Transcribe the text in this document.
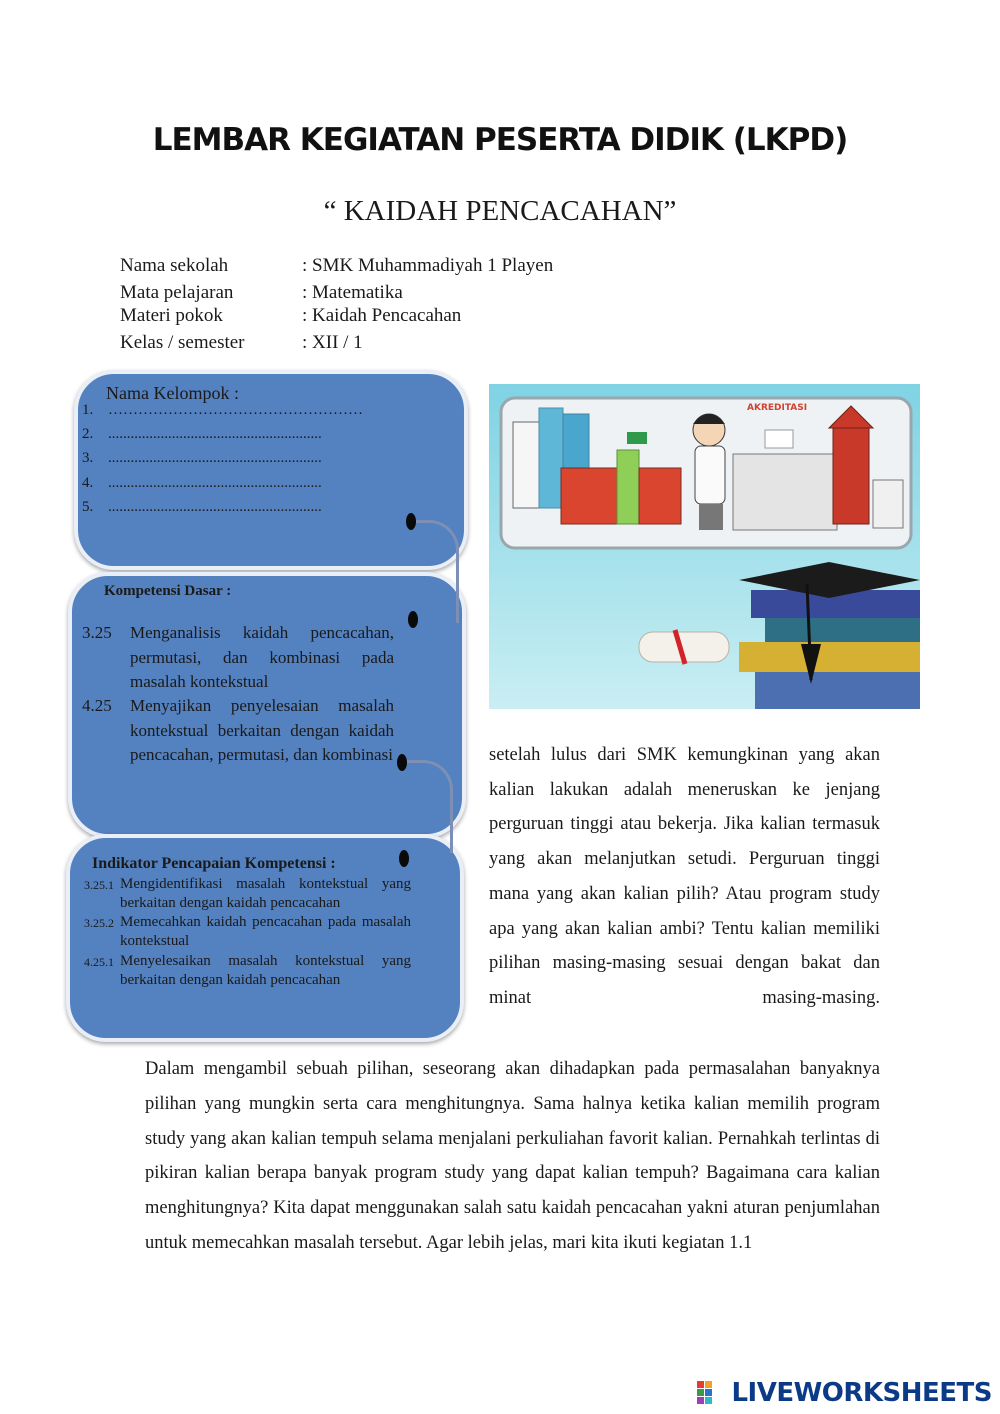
LEMBAR KEGIATAN PESERTA DIDIK (LKPD)
“ KAIDAH PENCACAHAN”
Nama sekolah	: SMK Muhammadiyah 1 Playen
Mata pelajaran	: Matematika
Materi pokok	: Kaidah Pencacahan
Kelas / semester	: XII / 1
Nama Kelompok :
1. ……………………………………………
2. .........................................................
3. .........................................................
4. .........................................................
5. .........................................................
Kompetensi Dasar :
3.25	Menganalisis kaidah pencacahan, permutasi, dan kombinasi pada masalah kontekstual
4.25	Menyajikan penyelesaian masalah kontekstual berkaitan dengan kaidah pencacahan, permutasi, dan kombinasi
Indikator Pencapaian Kompetensi :
3.25.1 Mengidentifikasi masalah kontekstual yang berkaitan dengan kaidah pencacahan
3.25.2 Memecahkan kaidah pencacahan pada masalah kontekstual
4.25.1 Menyelesaikan masalah kontekstual yang berkaitan dengan kaidah pencacahan
AKREDITASI
setelah lulus dari SMK kemungkinan yang akan kalian lakukan adalah meneruskan ke jenjang perguruan tinggi atau bekerja. Jika kalian termasuk yang akan melanjutkan setudi. Perguruan tinggi mana yang akan kalian pilih? Atau program study apa yang akan kalian ambi? Tentu kalian memiliki pilihan masing-masing sesuai dengan bakat dan minat masing-masing.
Dalam mengambil sebuah pilihan, seseorang akan dihadapkan pada permasalahan banyaknya pilihan yang mungkin serta cara menghitungnya. Sama halnya ketika kalian memilih program study yang akan kalian tempuh selama menjalani perkuliahan favorit kalian. Pernahkah terlintas di pikiran kalian berapa banyak program study yang dapat kalian tempuh? Bagaimana cara kalian menghitungnya? Kita dapat menggunakan salah satu kaidah pencacahan yakni aturan penjumlahan untuk memecahkan masalah tersebut. Agar lebih jelas, mari kita ikuti kegiatan 1.1
LIVEWORKSHEETS
